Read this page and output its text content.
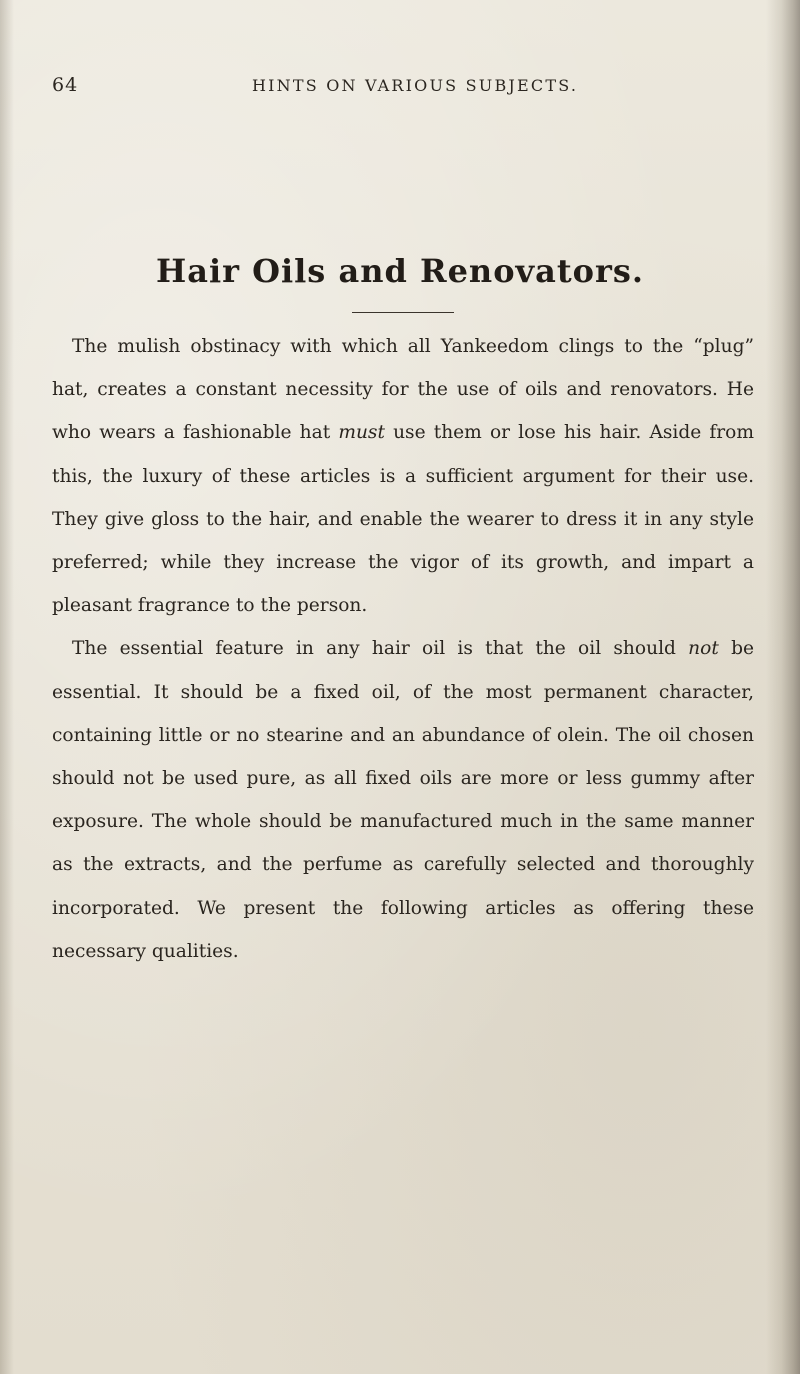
64	HINTS ON VARIOUS SUBJECTS.
Hair Oils and Renovators.

The mulish obstinacy with which all Yankeedom clings to the “plug” hat, creates a constant necessity for the use of oils and renovators. He who wears a fashionable hat must use them or lose his hair. Aside from this, the luxury of these articles is a sufficient argument for their use. They give gloss to the hair, and enable the wearer to dress it in any style preferred; while they increase the vigor of its growth, and impart a pleasant fragrance to the person.

The essential feature in any hair oil is that the oil should not be essential. It should be a fixed oil, of the most permanent character, containing little or no stearine and an abundance of olein. The oil chosen should not be used pure, as all fixed oils are more or less gummy after exposure. The whole should be manufactured much in the same manner as the extracts, and the perfume as carefully selected and thoroughly incorporated. We present the following articles as offering these necessary qualities.
